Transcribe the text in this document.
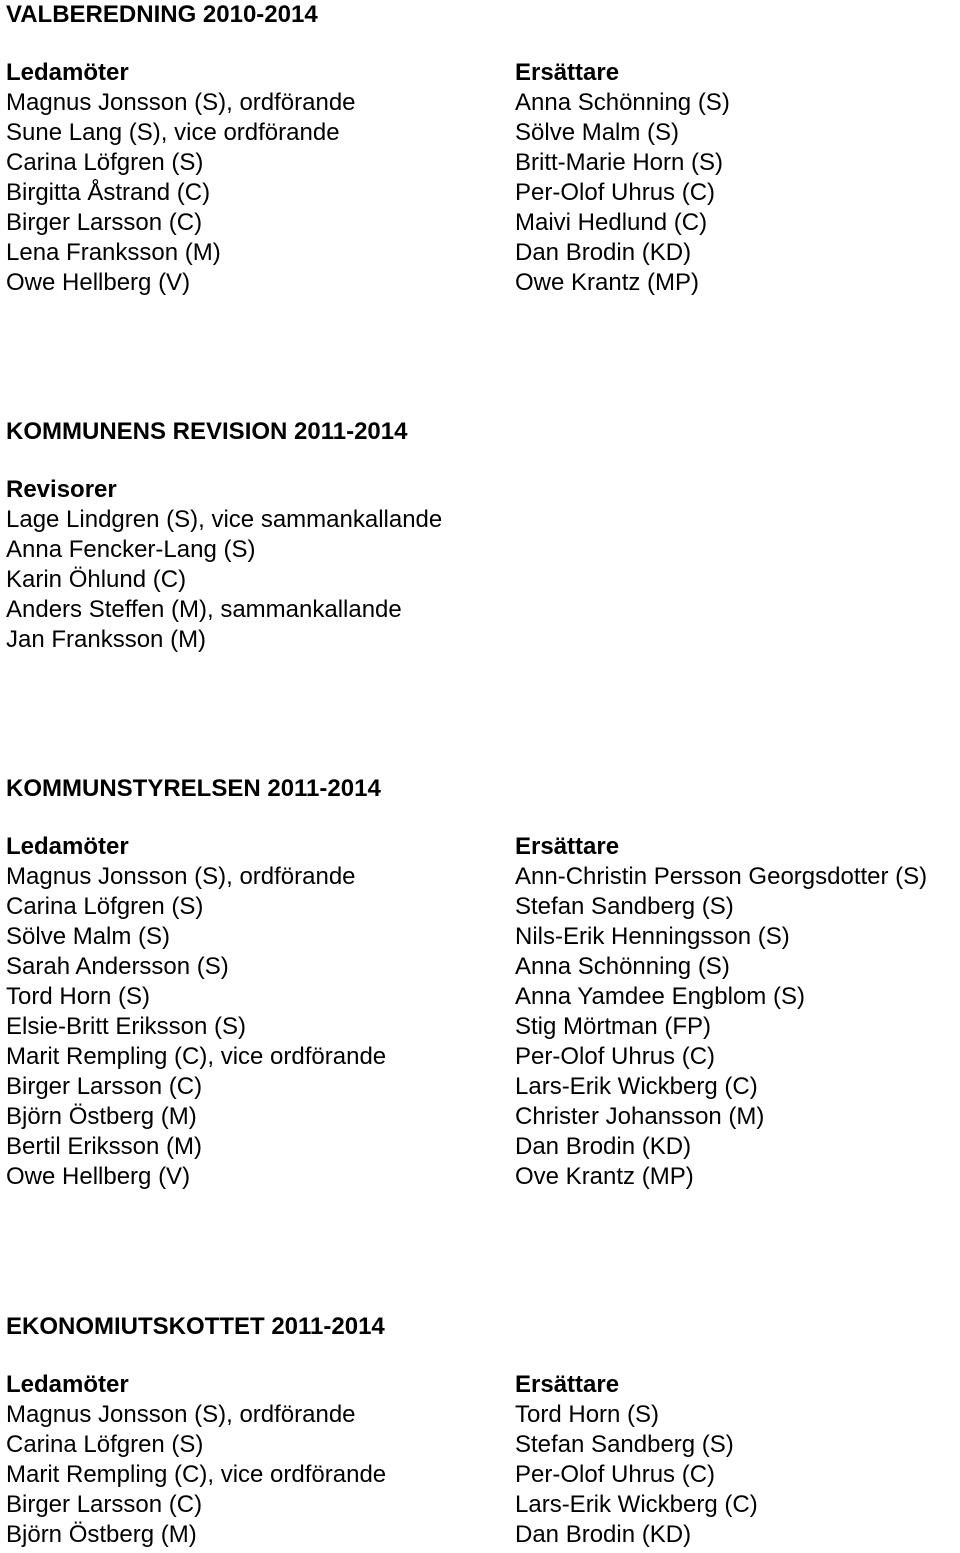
VALBEREDNING 2010-2014
Ledamöter
Magnus Jonsson (S), ordförande
Sune Lang (S), vice ordförande
Carina Löfgren (S)
Birgitta Åstrand (C)
Birger Larsson (C)
Lena Franksson (M)
Owe Hellberg (V)
Ersättare
Anna Schönning (S)
Sölve Malm (S)
Britt-Marie Horn (S)
Per-Olof Uhrus (C)
Maivi Hedlund (C)
Dan Brodin (KD)
Owe Krantz (MP)
KOMMUNENS REVISION 2011-2014
Revisorer
Lage Lindgren (S), vice sammankallande
Anna Fencker-Lang (S)
Karin Öhlund (C)
Anders Steffen (M), sammankallande
Jan Franksson (M)
KOMMUNSTYRELSEN 2011-2014
Ledamöter
Magnus Jonsson (S), ordförande
Carina Löfgren (S)
Sölve Malm (S)
Sarah Andersson (S)
Tord Horn (S)
Elsie-Britt Eriksson (S)
Marit Rempling (C), vice ordförande
Birger Larsson (C)
Björn Östberg (M)
Bertil Eriksson (M)
Owe Hellberg (V)
Ersättare
Ann-Christin Persson Georgsdotter (S)
Stefan Sandberg (S)
Nils-Erik Henningsson (S)
Anna Schönning (S)
Anna Yamdee Engblom (S)
Stig Mörtman (FP)
Per-Olof Uhrus (C)
Lars-Erik Wickberg (C)
Christer Johansson (M)
Dan Brodin (KD)
Ove Krantz (MP)
EKONOMIUTSKOTTET 2011-2014
Ledamöter
Magnus Jonsson (S), ordförande
Carina Löfgren (S)
Marit Rempling (C), vice ordförande
Birger Larsson (C)
Björn Östberg (M)
Ersättare
Tord Horn (S)
Stefan Sandberg (S)
Per-Olof Uhrus (C)
Lars-Erik Wickberg (C)
Dan Brodin (KD)
